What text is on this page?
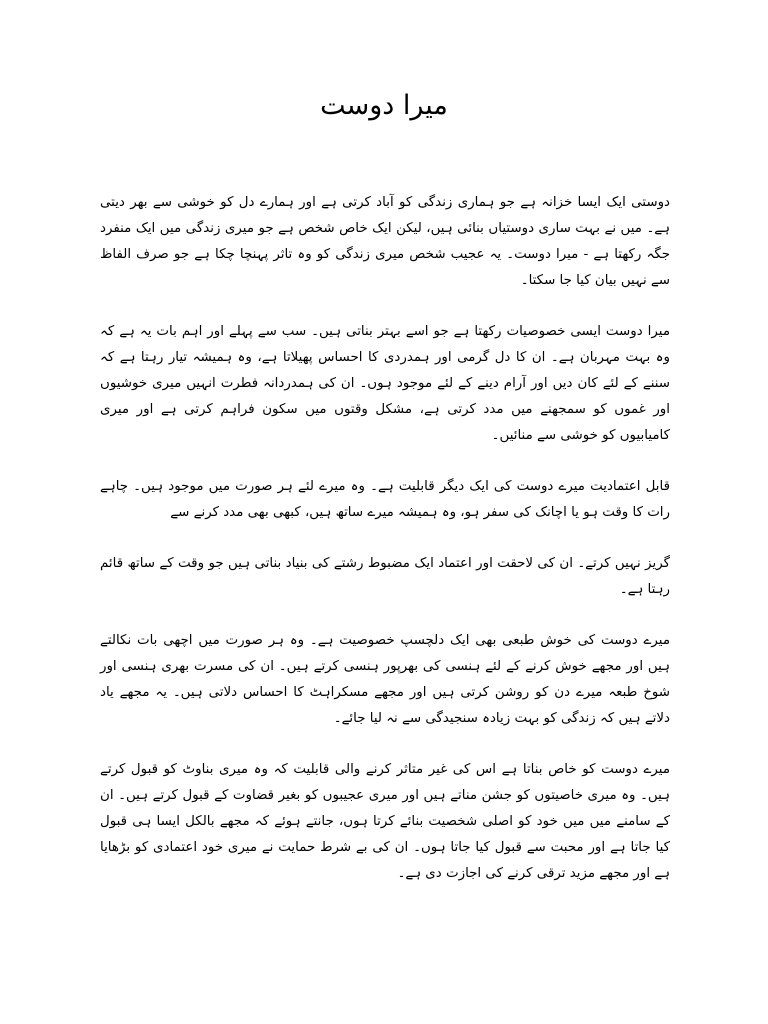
میرا دوست

دوستی ایک ایسا خزانہ ہے جو ہماری زندگی کو آباد کرتی ہے اور ہمارے دل کو خوشی سے بھر دیتی ہے۔ میں نے بہت ساری دوستیاں بنائی ہیں، لیکن ایک خاص شخص ہے جو میری زندگی میں ایک منفرد جگہ رکھتا ہے - میرا دوست۔ یہ عجیب شخص میری زندگی کو وہ تاثر پہنچا چکا ہے جو صرف الفاظ سے نہیں بیان کیا جا سکتا۔

میرا دوست ایسی خصوصیات رکھتا ہے جو اسے بہتر بناتی ہیں۔ سب سے پہلے اور اہم بات یہ ہے کہ وہ بہت مہربان ہے۔ ان کا دل گرمی اور ہمدردی کا احساس پھیلاتا ہے، وہ ہمیشہ تیار رہتا ہے کہ سننے کے لئے کان دیں اور آرام دینے کے لئے موجود ہوں۔ ان کی ہمدردانہ فطرت انہیں میری خوشیوں اور غموں کو سمجھنے میں مدد کرتی ہے، مشکل وقتوں میں سکون فراہم کرتی ہے اور میری کامیابیوں کو خوشی سے منائیں۔

قابل اعتمادیت میرے دوست کی ایک دیگر قابلیت ہے۔ وہ میرے لئے ہر صورت میں موجود ہیں۔ چاہے رات کا وقت ہو یا اچانک کی سفر ہو، وہ ہمیشہ میرے ساتھ ہیں، کبھی بھی مدد کرنے سے

گریز نہیں کرتے۔ ان کی لاحقت اور اعتماد ایک مضبوط رشتے کی بنیاد بناتی ہیں جو وقت کے ساتھ قائم رہتا ہے۔

میرے دوست کی خوش طبعی بھی ایک دلچسپ خصوصیت ہے۔ وہ ہر صورت میں اچھی بات نکالتے ہیں اور مجھے خوش کرنے کے لئے ہنسی کی بھرپور ہنسی کرتے ہیں۔ ان کی مسرت بھری ہنسی اور شوخ طبعہ میرے دن کو روشن کرتی ہیں اور مجھے مسکراہٹ کا احساس دلاتی ہیں۔ یہ مجھے یاد دلاتے ہیں کہ زندگی کو بہت زیادہ سنجیدگی سے نہ لیا جائے۔

میرے دوست کو خاص بناتا ہے اس کی غیر متاثر کرنے والی قابلیت کہ وہ میری بناوٹ کو قبول کرتے ہیں۔ وہ میری خاصیتوں کو جشن مناتے ہیں اور میری عجیبوں کو بغیر قضاوت کے قبول کرتے ہیں۔ ان کے سامنے میں میں خود کو اصلی شخصیت بنائے کرتا ہوں، جانتے ہوئے کہ مجھے بالکل ایسا ہی قبول کیا جاتا ہے اور محبت سے قبول کیا جاتا ہوں۔ ان کی بے شرط حمایت نے میری خود اعتمادی کو بڑھایا ہے اور مجھے مزید ترقی کرنے کی اجازت دی ہے۔
